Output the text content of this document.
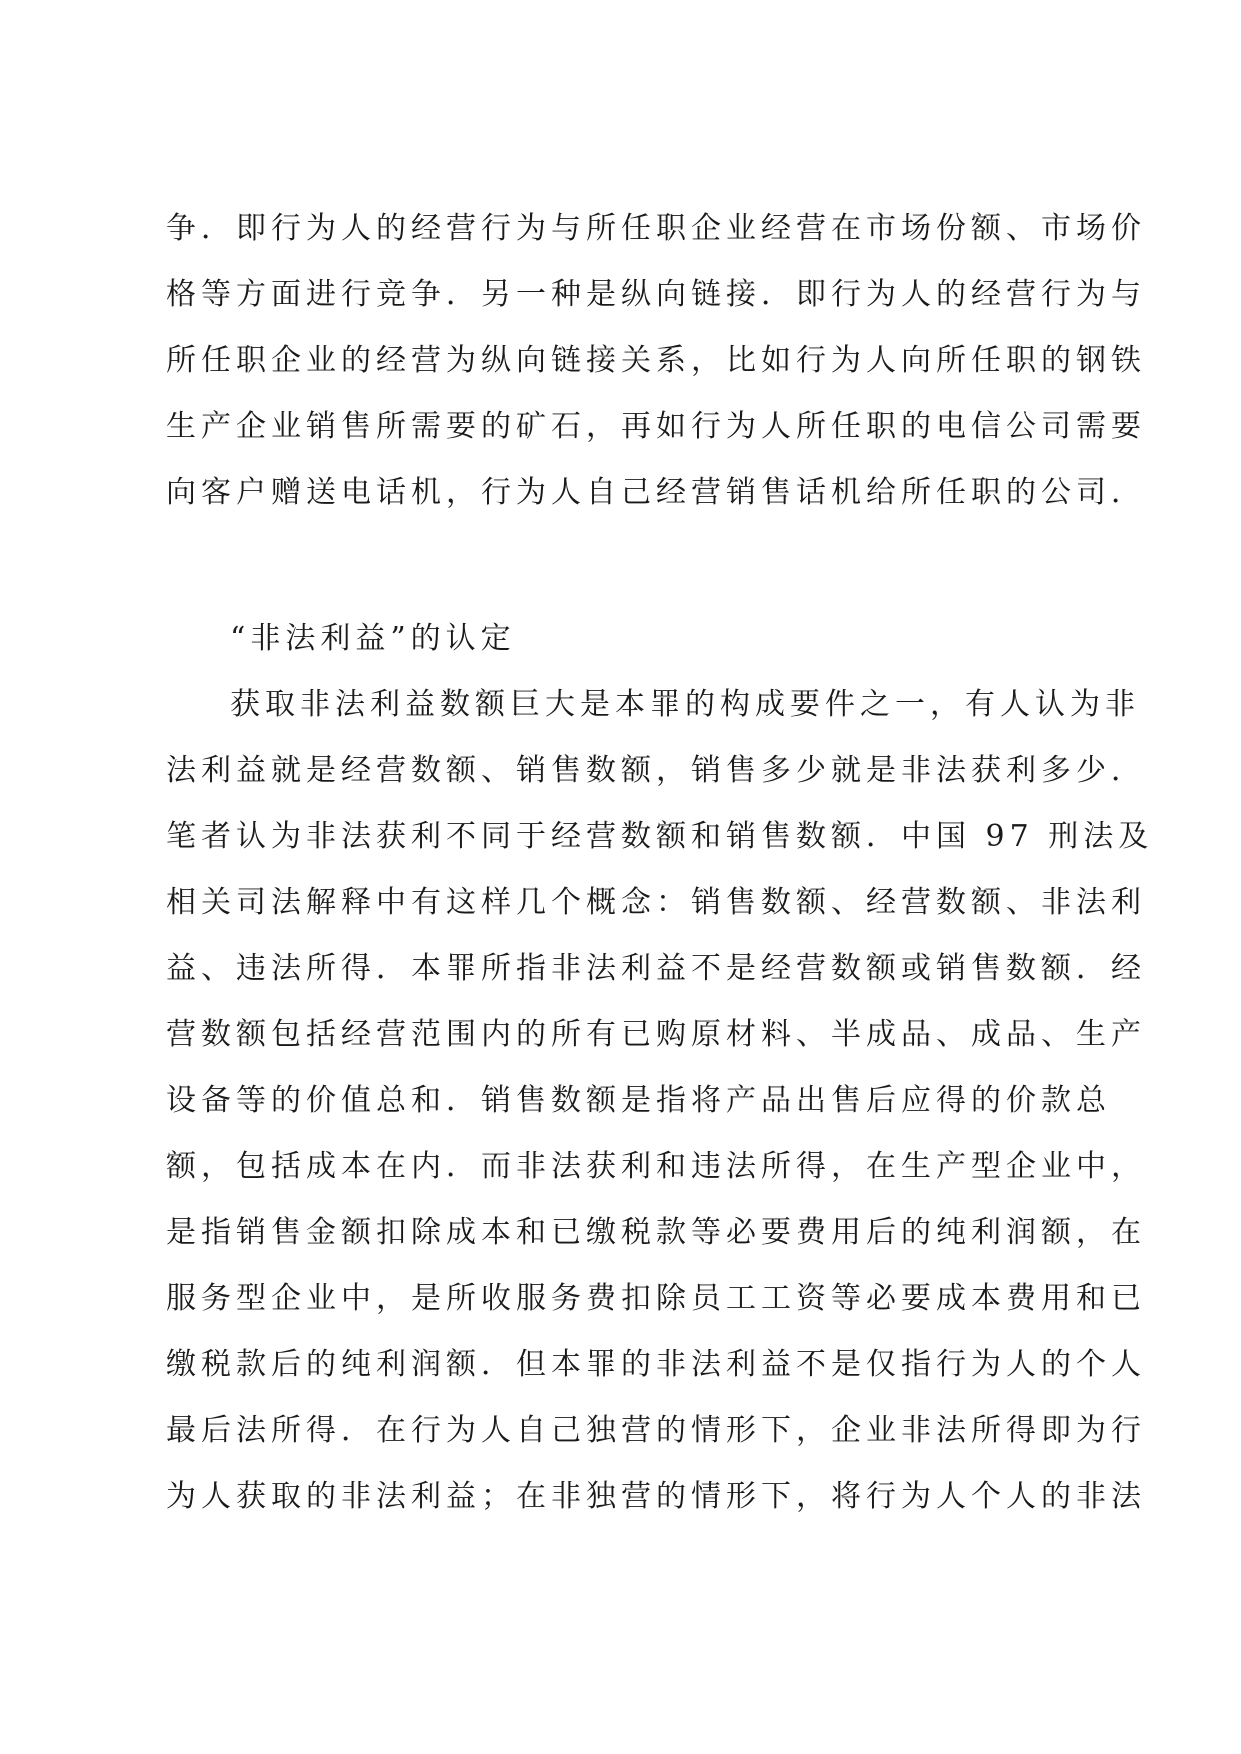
争．即行为人的经营行为与所任职企业经营在市场份额、市场价
格等方面进行竞争．另一种是纵向链接．即行为人的经营行为与
所任职企业的经营为纵向链接关系，比如行为人向所任职的钢铁
生产企业销售所需要的矿石，再如行为人所任职的电信公司需要
向客户赠送电话机，行为人自己经营销售话机给所任职的公司．
“非法利益”的认定
获取非法利益数额巨大是本罪的构成要件之一，有人认为非
法利益就是经营数额、销售数额，销售多少就是非法获利多少．
笔者认为非法获利不同于经营数额和销售数额．中国 97 刑法及
相关司法解释中有这样几个概念：销售数额、经营数额、非法利
益、违法所得．本罪所指非法利益不是经营数额或销售数额．经
营数额包括经营范围内的所有已购原材料、半成品、成品、生产
设备等的价值总和．销售数额是指将产品出售后应得的价款总
额，包括成本在内．而非法获利和违法所得，在生产型企业中，
是指销售金额扣除成本和已缴税款等必要费用后的纯利润额，在
服务型企业中，是所收服务费扣除员工工资等必要成本费用和已
缴税款后的纯利润额．但本罪的非法利益不是仅指行为人的个人
最后法所得．在行为人自己独营的情形下，企业非法所得即为行
为人获取的非法利益；在非独营的情形下，将行为人个人的非法
